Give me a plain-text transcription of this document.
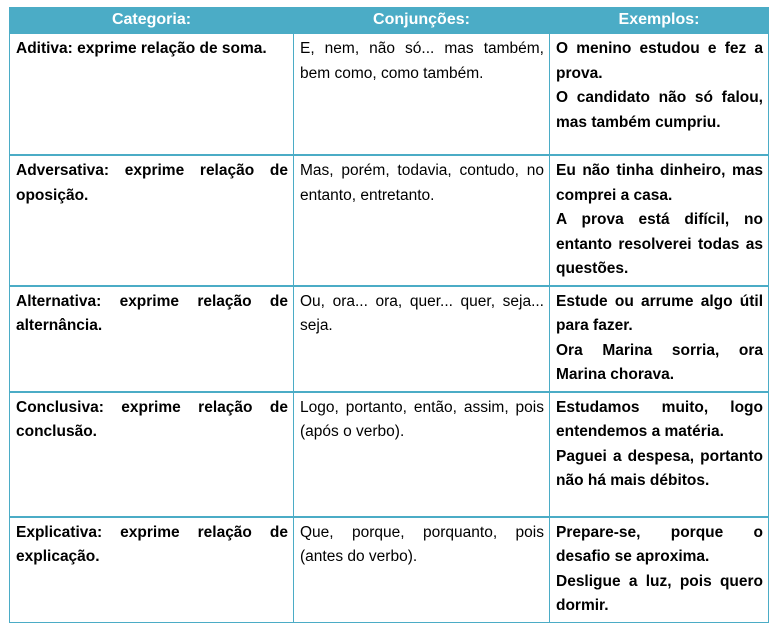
Categoria:	Conjunções:	Exemplos:
Aditiva: exprime relação de soma.	E, nem, não só... mas também, bem como, como também.	O menino estudou e fez a prova.

O candidato não só falou, mas também cumpriu.

Adversativa: exprime relação de oposição.	Mas, porém, todavia, contudo, no entanto, entretanto.	Eu não tinha dinheiro, mas comprei a casa.

A prova está difícil, no entanto resolverei todas as questões.

Alternativa: exprime relação de alternância.	Ou, ora... ora, quer... quer, seja... seja.	Estude ou arrume algo útil para fazer.

Ora Marina sorria, ora Marina chorava.

Conclusiva: exprime relação de conclusão.	Logo, portanto, então, assim, pois (após o verbo).	Estudamos muito, logo entendemos a matéria.

Paguei a despesa, portanto não há mais débitos.

Explicativa: exprime relação de explicação.	Que, porque, porquanto, pois (antes do verbo).	Prepare-se, porque o desafio se aproxima.

Desligue a luz, pois quero dormir.
